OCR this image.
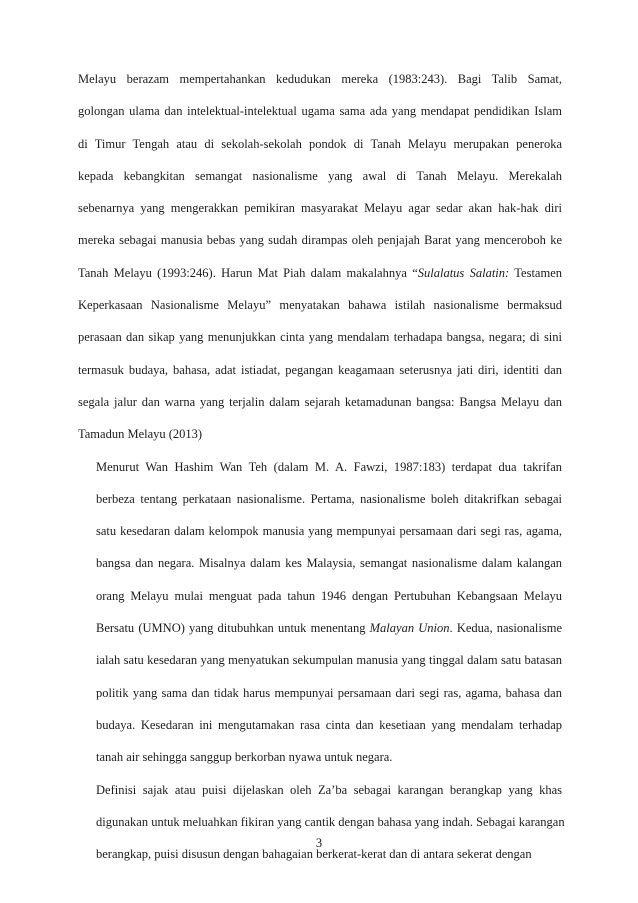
Melayu berazam mempertahankan kedudukan mereka (1983:243). Bagi Talib Samat,
golongan ulama dan intelektual-intelektual ugama sama ada yang mendapat pendidikan Islam
di Timur Tengah atau di sekolah-sekolah pondok di Tanah Melayu merupakan peneroka
kepada kebangkitan semangat nasionalisme yang awal di Tanah Melayu. Merekalah
sebenarnya yang mengerakkan pemikiran masyarakat Melayu agar sedar akan hak-hak diri
mereka sebagai manusia bebas yang sudah dirampas oleh penjajah Barat yang menceroboh ke
Tanah Melayu (1993:246). Harun Mat Piah dalam makalahnya “Sulalatus Salatin: Testamen
Keperkasaan Nasionalisme Melayu” menyatakan bahawa istilah nasionalisme bermaksud
perasaan dan sikap yang menunjukkan cinta yang mendalam terhadapa bangsa, negara; di sini
termasuk budaya, bahasa, adat istiadat, pegangan keagamaan seterusnya jati diri, identiti dan
segala jalur dan warna yang terjalin dalam sejarah ketamadunan bangsa: Bangsa Melayu dan
Tamadun Melayu (2013)

Menurut Wan Hashim Wan Teh (dalam M. A. Fawzi, 1987:183) terdapat dua takrifan
berbeza tentang perkataan nasionalisme. Pertama, nasionalisme boleh ditakrifkan sebagai
satu kesedaran dalam kelompok manusia yang mempunyai persamaan dari segi ras, agama,
bangsa dan negara. Misalnya dalam kes Malaysia, semangat nasionalisme dalam kalangan
orang Melayu mulai menguat pada tahun 1946 dengan Pertubuhan Kebangsaan Melayu
Bersatu (UMNO) yang ditubuhkan untuk menentang Malayan Union. Kedua, nasionalisme
ialah satu kesedaran yang menyatukan sekumpulan manusia yang tinggal dalam satu batasan
politik yang sama dan tidak harus mempunyai persamaan dari segi ras, agama, bahasa dan
budaya. Kesedaran ini mengutamakan rasa cinta dan kesetiaan yang mendalam terhadap
tanah air sehingga sanggup berkorban nyawa untuk negara.

Definisi sajak atau puisi dijelaskan oleh Za’ba sebagai karangan berangkap yang khas
digunakan untuk meluahkan fikiran yang cantik dengan bahasa yang indah. Sebagai karangan
berangkap, puisi disusun dengan bahagaian berkerat-kerat dan di antara sekerat dengan

3
